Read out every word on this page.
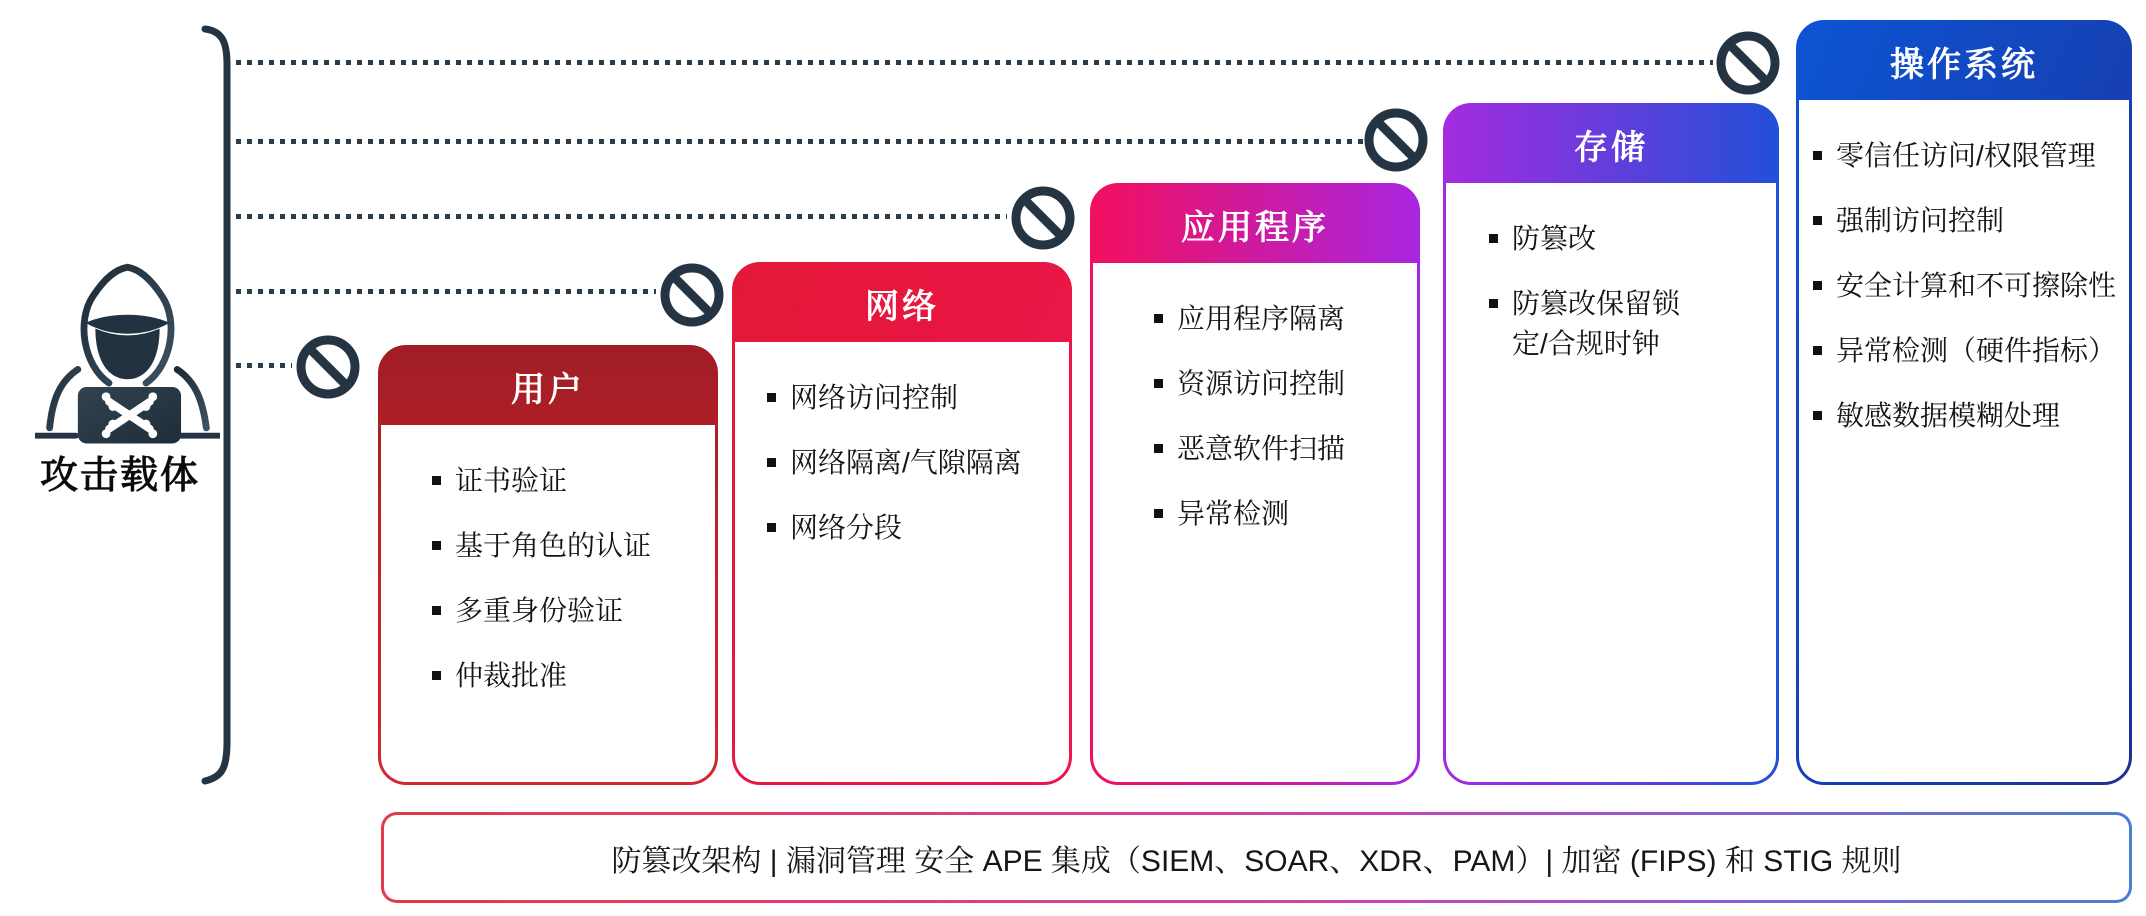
攻击载体
用户
证书验证
基于角色的认证
多重身份验证
仲裁批准
网络
网络访问控制
网络隔离/气隙隔离
网络分段
应用程序
应用程序隔离
资源访问控制
恶意软件扫描
异常检测
存储
防篡改
防篡改保留锁定/合规时钟
操作系统
零信任访问/权限管理
强制访问控制
安全计算和不可擦除性
异常检测（硬件指标）
敏感数据模糊处理
防篡改架构 | 漏洞管理 安全 APE 集成（SIEM、SOAR、XDR、PAM）| 加密 (FIPS) 和 STIG 规则
